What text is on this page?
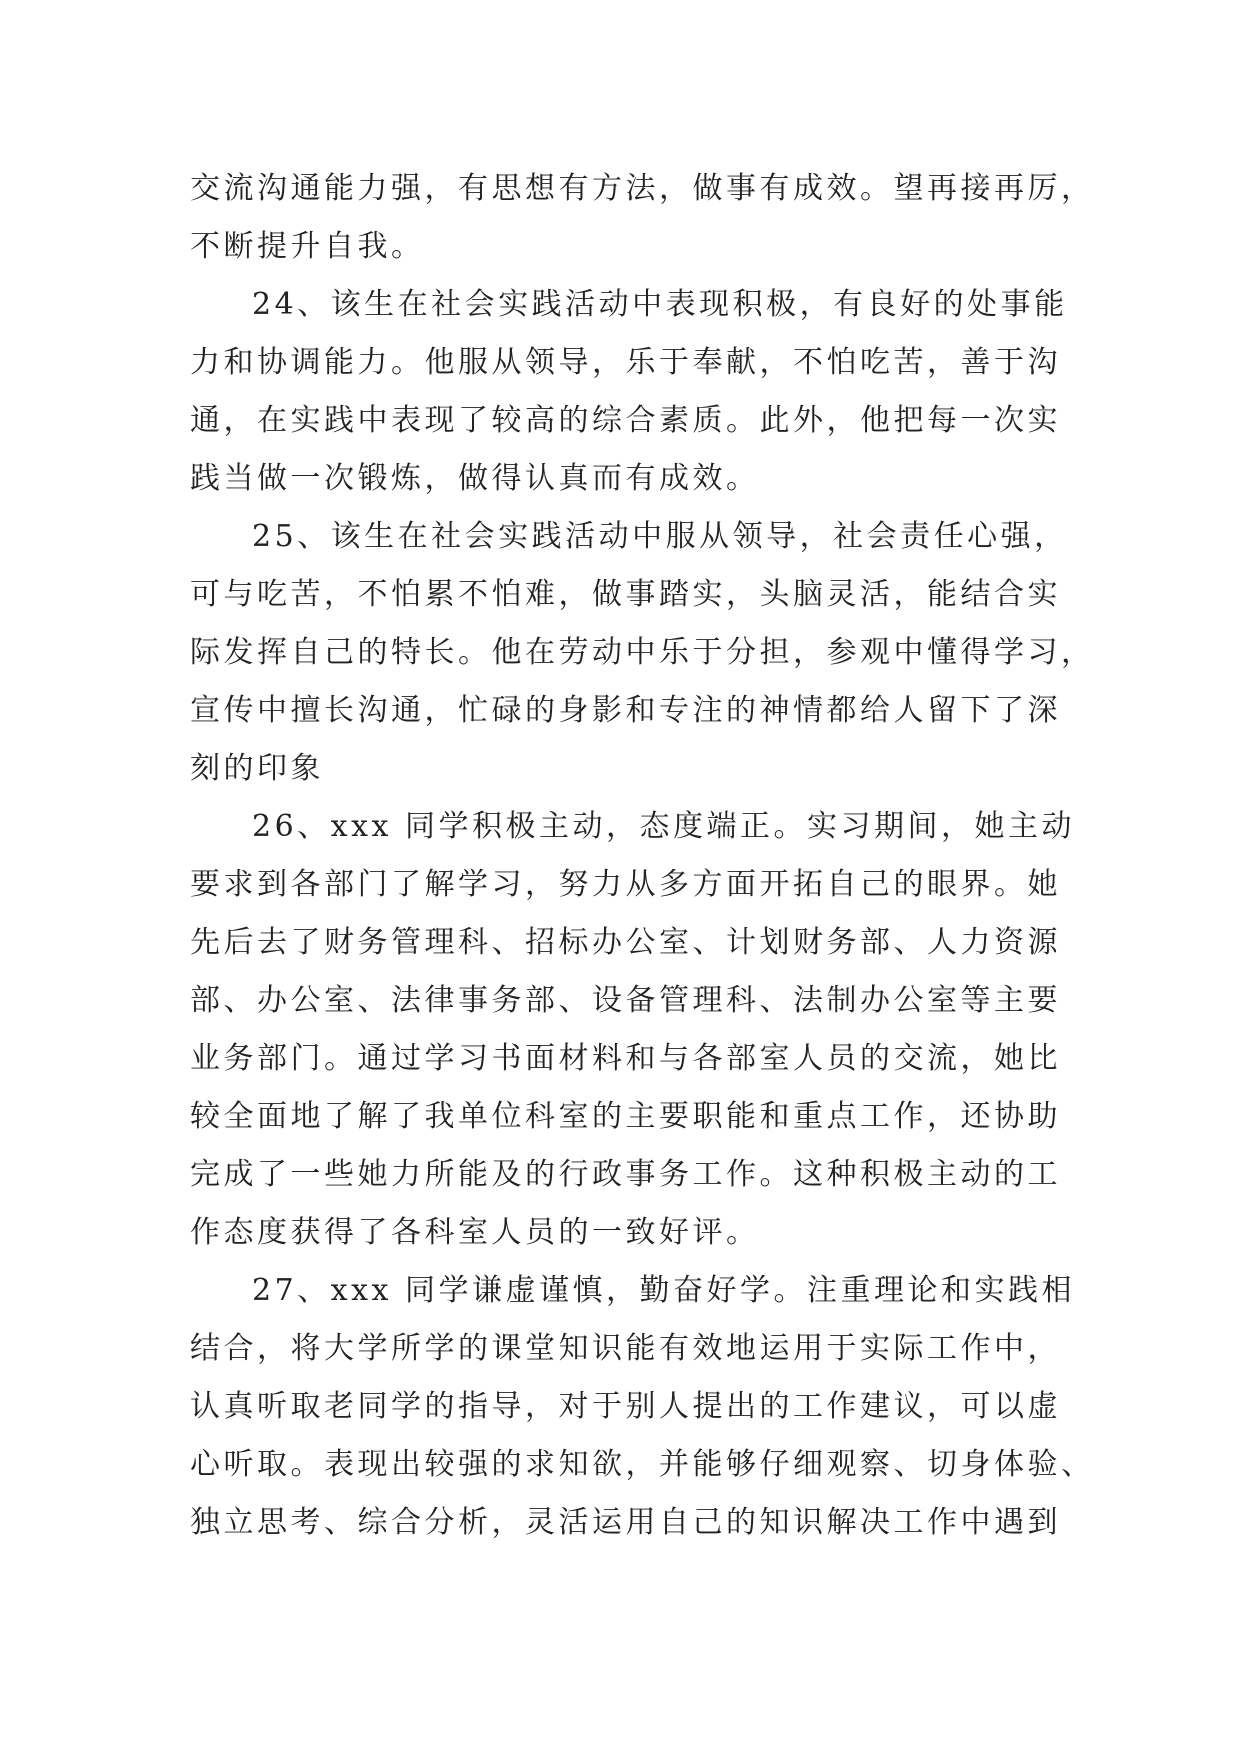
交流沟通能力强，有思想有方法，做事有成效。望再接再厉，
不断提升自我。
24、该生在社会实践活动中表现积极，有良好的处事能
力和协调能力。他服从领导，乐于奉献，不怕吃苦，善于沟
通，在实践中表现了较高的综合素质。此外，他把每一次实
践当做一次锻炼，做得认真而有成效。
25、该生在社会实践活动中服从领导，社会责任心强，
可与吃苦，不怕累不怕难，做事踏实，头脑灵活，能结合实
际发挥自己的特长。他在劳动中乐于分担，参观中懂得学习，
宣传中擅长沟通，忙碌的身影和专注的神情都给人留下了深
刻的印象
26、xxx 同学积极主动，态度端正。实习期间，她主动
要求到各部门了解学习，努力从多方面开拓自己的眼界。她
先后去了财务管理科、招标办公室、计划财务部、人力资源
部、办公室、法律事务部、设备管理科、法制办公室等主要
业务部门。通过学习书面材料和与各部室人员的交流，她比
较全面地了解了我单位科室的主要职能和重点工作，还协助
完成了一些她力所能及的行政事务工作。这种积极主动的工
作态度获得了各科室人员的一致好评。
27、xxx 同学谦虚谨慎，勤奋好学。注重理论和实践相
结合，将大学所学的课堂知识能有效地运用于实际工作中，
认真听取老同学的指导，对于别人提出的工作建议，可以虚
心听取。表现出较强的求知欲，并能够仔细观察、切身体验、
独立思考、综合分析，灵活运用自己的知识解决工作中遇到
